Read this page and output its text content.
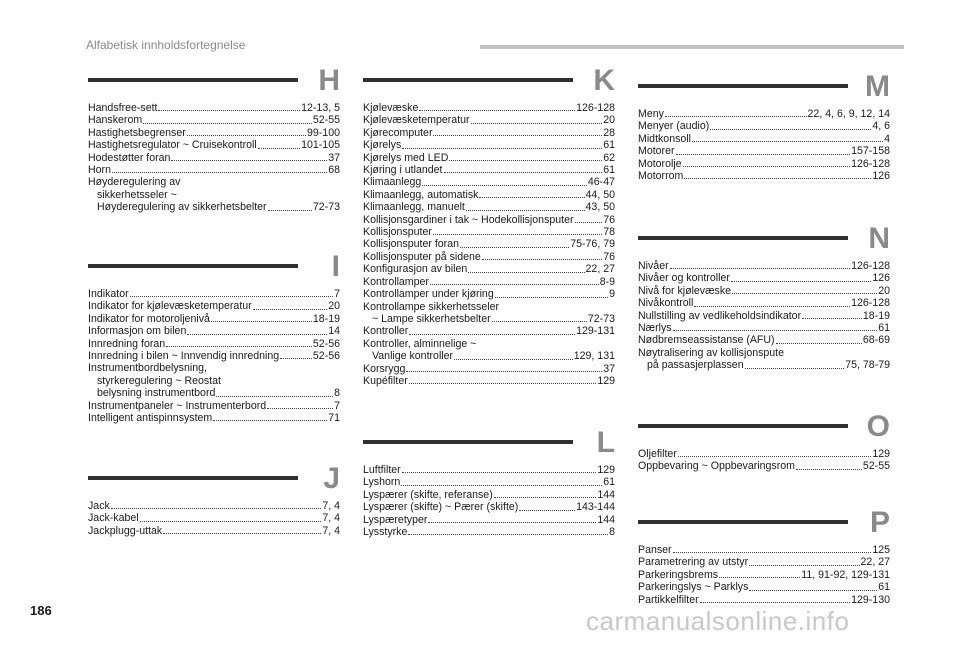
Alfabetisk innholdsfortegnelse
H
Handsfree-sett	12-13, 5
Hanskerom	52-55
Hastighetsbegrenser	99-100
Hastighetsregulator ~ Cruisekontroll	101-105
Hodestøtter foran	37
Horn	68
Høyderegulering av
sikkerhetsseler ~
Høyderegulering av sikkerhetsbelter	72-73
I
Indikator	7
Indikator for kjølevæsketemperatur	20
Indikator for motoroljenivå	18-19
Informasjon om bilen	14
Innredning foran	52-56
Innredning i bilen ~ Innvendig innredning	52-56
Instrumentbordbelysning,
styrkeregulering ~ Reostat
belysning instrumentbord	8
Instrumentpaneler ~ Instrumenterbord	7
Intelligent antispinnsystem	71
J
Jack	7, 4
Jack-kabel	7, 4
Jackplugg-uttak	7, 4
K
Kjølevæske	126-128
Kjølevæsketemperatur	20
Kjørecomputer	28
Kjørelys	61
Kjørelys med LED	62
Kjøring i utlandet	61
Klimaanlegg	46-47
Klimaanlegg, automatisk	44, 50
Klimaanlegg, manuelt	43, 50
Kollisjonsgardiner i tak ~ Hodekollisjonsputer	76
Kollisjonsputer	78
Kollisjonsputer foran	75-76, 79
Kollisjonsputer på sidene	76
Konfigurasjon av bilen	22, 27
Kontrollamper	8-9
Kontrollamper under kjøring	9
Kontrollampe sikkerhetsseler
~ Lampe sikkerhetsbelter	72-73
Kontroller	129-131
Kontroller, alminnelige ~
Vanlige kontroller	129, 131
Korsrygg	37
Kupéfilter	129
L
Luftfilter	129
Lyshorn	61
Lyspærer (skifte, referanse)	144
Lyspærer (skifte) ~ Pærer (skifte)	143-144
Lyspæretyper	144
Lysstyrke	8
M
Meny	22, 4, 6, 9, 12, 14
Menyer (audio)	4, 6
Midtkonsoll	4
Motorer	157-158
Motorolje	126-128
Motorrom	126
N
Nivåer	126-128
Nivåer og kontroller	126
Nivå for kjølevæske	20
Nivåkontroll	126-128
Nullstilling av vedlikeholdsindikator	18-19
Nærlys	61
Nødbremseassistanse (AFU)	68-69
Nøytralisering av kollisjonspute
på passasjerplassen	75, 78-79
O
Oljefilter	129
Oppbevaring ~ Oppbevaringsrom	52-55
P
Panser	125
Parametrering av utstyr	22, 27
Parkeringsbrems	11, 91-92, 129-131
Parkeringslys ~ Parklys	61
Partikkelfilter	129-130
186	carmanualsonline.info
